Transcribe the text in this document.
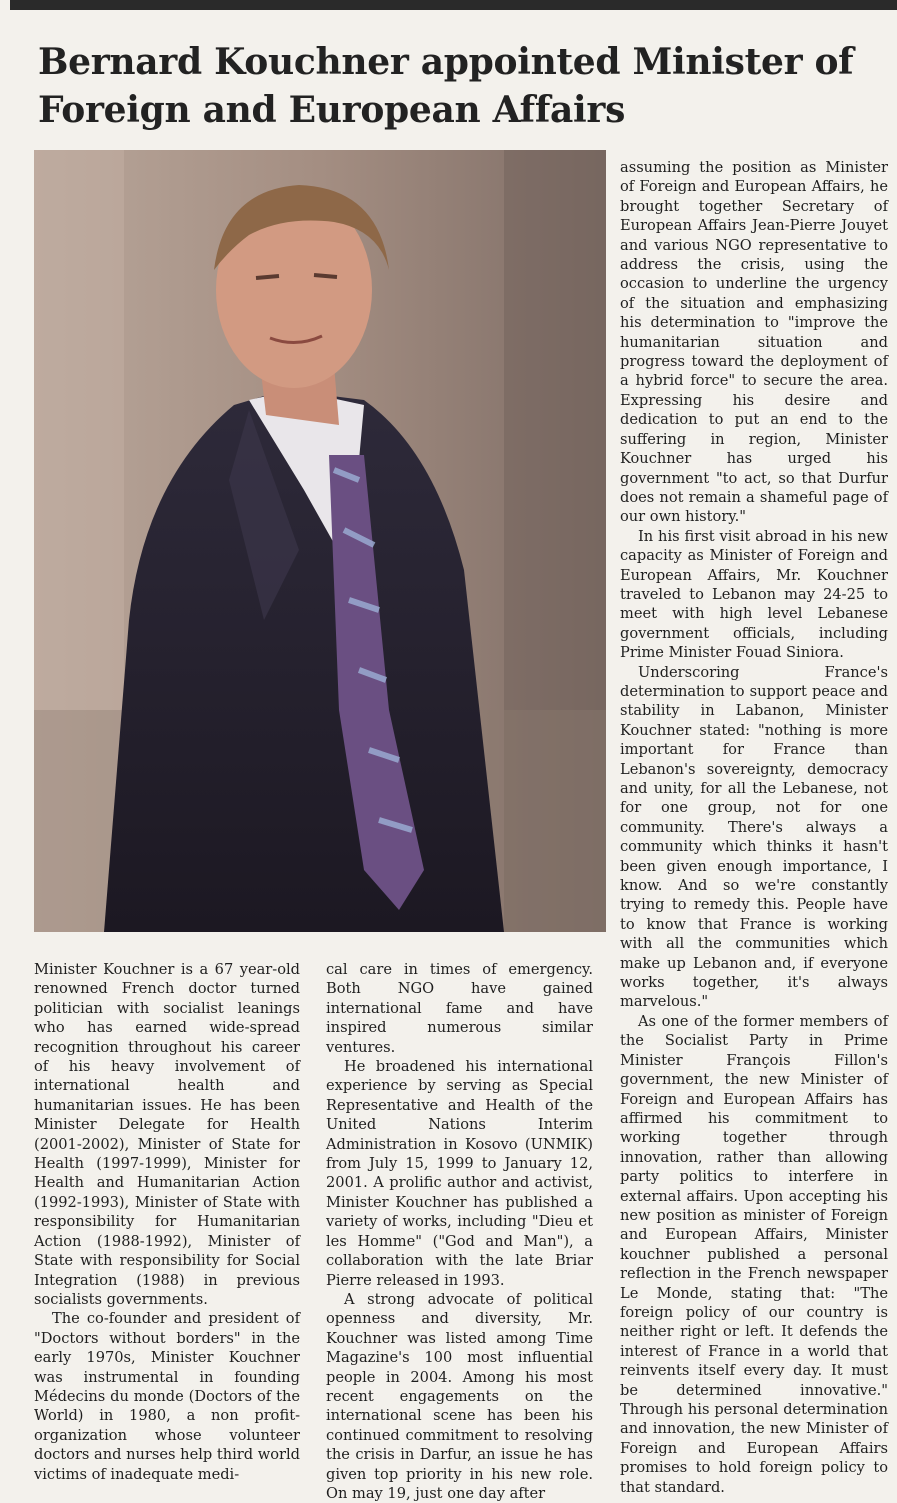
Bernard Kouchner appointed Minister of
Foreign and European Affairs

assuming the position as Minister of Foreign and European Affairs, he brought together Secretary of European Affairs Jean-Pierre Jouyet and various NGO representative to address the crisis, using the occasion to underline the urgency of the situation and emphasizing his determination to "improve the humanitarian situation and progress toward the deployment of a hybrid force" to secure the area. Expressing his desire and dedication to put an end to the suffering in region, Minister Kouchner has urged his government "to act, so that Durfur does not remain a shameful page of our own history."

In his first visit abroad in his new capacity as Minister of Foreign and European Affairs, Mr. Kouchner traveled to Lebanon may 24-25 to meet with high level Lebanese government officials, including Prime Minister Fouad Siniora.

Underscoring France's determination to support peace and stability in Labanon, Minister Kouchner stated: "nothing is more important for France than Lebanon's sovereignty, democracy and unity, for all the Lebanese, not for one group, not for one community. There's always a community which thinks it hasn't been given enough importance, I know. And so we're constantly trying to remedy this. People have to know that France is working with all the communities which make up Lebanon and, if everyone works together, it's always marvelous."

As one of the former members of the Socialist Party in Prime Minister François Fillon's government, the new Minister of Foreign and European Affairs has affirmed his commitment to working together through innovation, rather than allowing party politics to interfere in external affairs. Upon accepting his new position as minister of Foreign and European Affairs, Minister kouchner published a personal reflection in the French newspaper Le Monde, stating that: "The foreign policy of our country is neither right or left. It defends the interest of France in a world that reinvents itself every day. It must be determined innovative." Through his personal determination and innovation, the new Minister of Foreign and European Affairs promises to hold foreign policy to that standard.

Minister Kouchner is a 67 year-old renowned French doctor turned politician with socialist leanings who has earned wide-spread recognition throughout his career of his heavy involvement of international health and humanitarian issues. He has been Minister Delegate for Health (2001-2002), Minister of State for Health (1997-1999), Minister for Health and Humanitarian Action (1992-1993), Minister of State with responsibility for Humanitarian Action (1988-1992), Minister of State with responsibility for Social Integration (1988) in previous socialists governments.

The co-founder and president of "Doctors without borders" in the early 1970s, Minister Kouchner was instrumental in founding Médecins du monde (Doctors of the World) in 1980, a non profit-organization whose volunteer doctors and nurses help third world victims of inadequate medi-

cal care in times of emergency. Both NGO have gained international fame and have inspired numerous similar ventures.

He broadened his international experience by serving as Special Representative and Health of the United Nations Interim Administration in Kosovo (UNMIK) from July 15, 1999 to January 12, 2001. A prolific author and activist, Minister Kouchner has published a variety of works, including "Dieu et les Homme" ("God and Man"), a collaboration with the late Briar Pierre released in 1993.

A strong advocate of political openness and diversity, Mr. Kouchner was listed among Time Magazine's 100 most influential people in 2004. Among his most recent engagements on the international scene has been his continued commitment to resolving the crisis in Darfur, an issue he has given top priority in his new role. On may 19, just one day after
